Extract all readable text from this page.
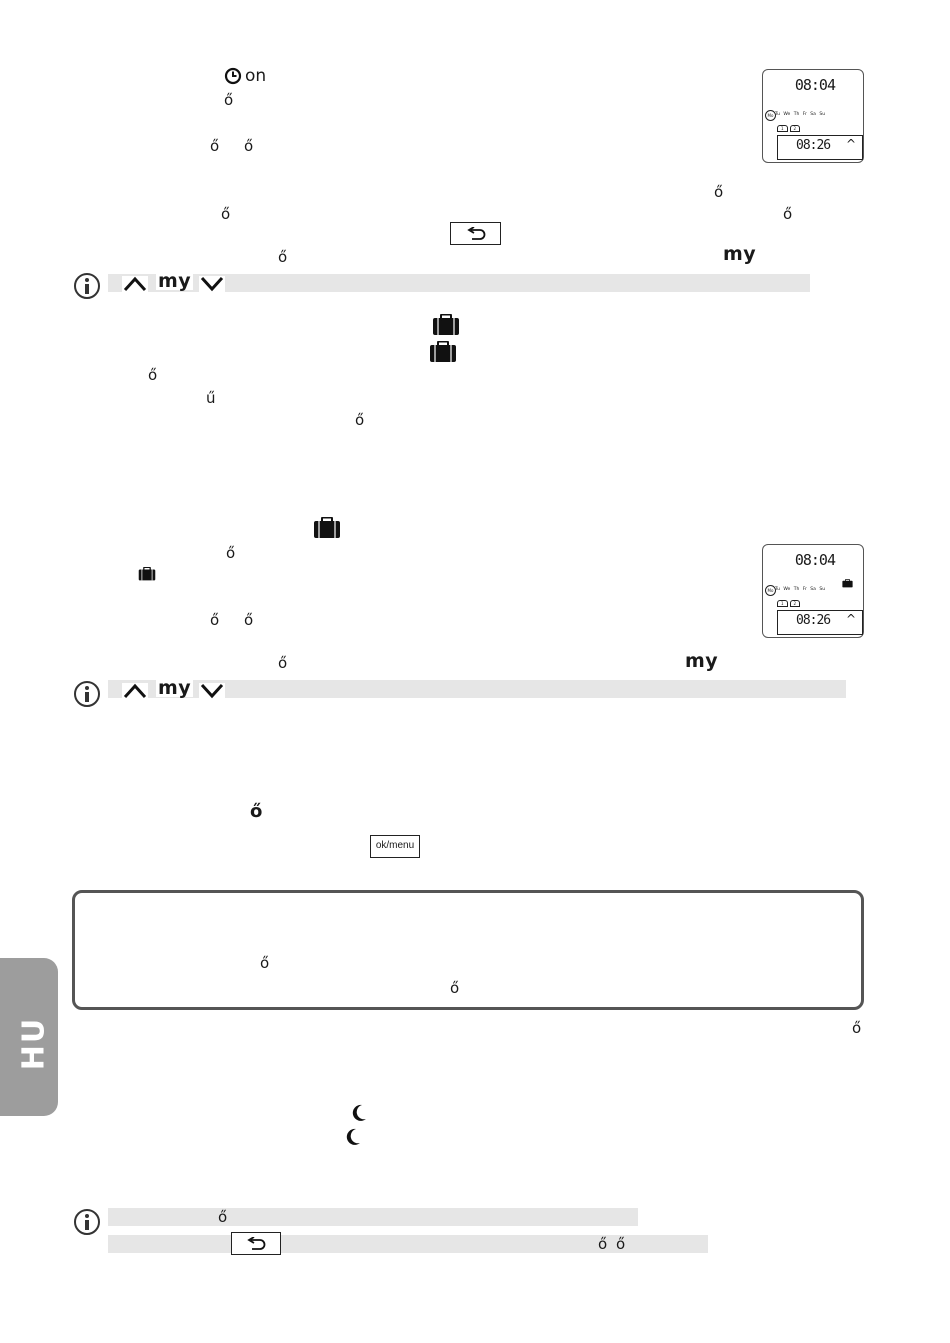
on
ő
ő ő
08:04
Mo Tu We Th Fr Sa Su
1	2
08:26 ^
ő
ő	ő
ő	my
my
ő
ű
ő
ő
ő ő
08:04
Mo Tu We Th Fr Sa Su
1	2
08:26 ^
ő	my
my
ő
ok/menu
ő
ő
ő
HU
ő
ő ő
